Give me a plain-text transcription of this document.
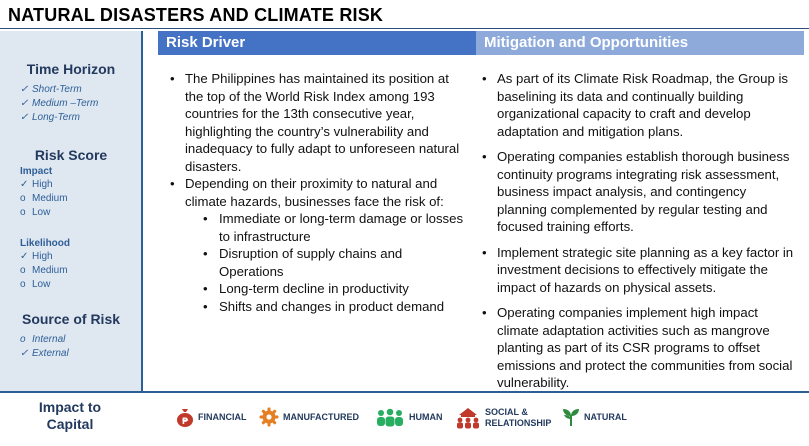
NATURAL DISASTERS AND CLIMATE RISK
Time Horizon
✓ Short-Term
✓ Medium –Term
✓ Long-Term
Risk Score
Impact
✓ High
o Medium
o Low
Likelihood
✓ High
o Medium
o Low
Source of Risk
o Internal
✓ External
Risk Driver	Mitigation and Opportunities
• The Philippines has maintained its position at the top of the World Risk Index among 193 countries for the 13th consecutive year, highlighting the country’s vulnerability and inadequacy to fully adapt to unforeseen natural disasters.
• Depending on their proximity to natural and climate hazards, businesses face the risk of:
• Immediate or long-term damage or losses to infrastructure
• Disruption of supply chains and Operations
• Long-term decline in productivity
• Shifts and changes in product demand
• As part of its Climate Risk Roadmap, the Group is baselining its data and continually building organizational capacity to craft and develop adaptation and mitigation plans.
• Operating companies establish thorough business continuity programs integrating risk assessment, business impact analysis, and contingency planning complemented by regular testing and focused training efforts.
• Implement strategic site planning as a key factor in investment decisions to effectively mitigate the impact of hazards on physical assets.
• Operating companies implement high impact climate adaptation activities such as mangrove planting as part of its CSR programs to offset emissions and protect the communities from social vulnerability.
Impact to Capital	₱
FINANCIAL	MANUFACTURED	HUMAN	SOCIAL & RELATIONSHIP
NATURAL
